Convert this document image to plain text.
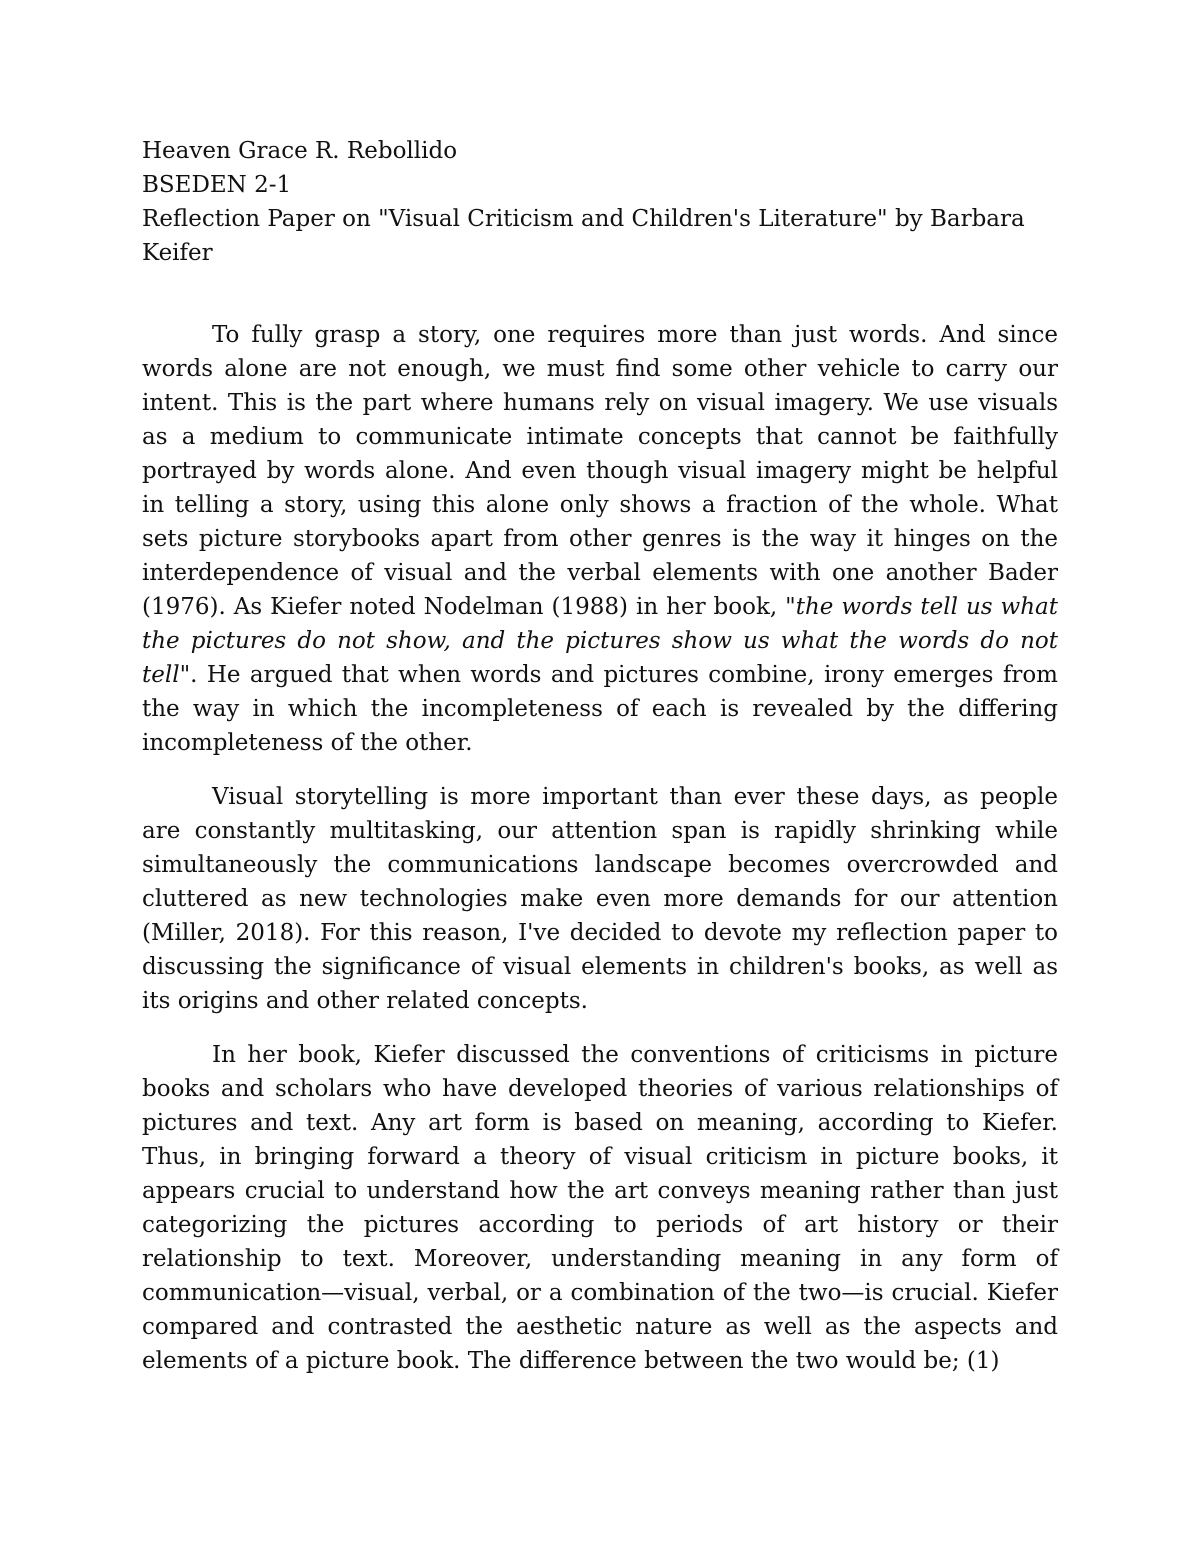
Heaven Grace R. Rebollido

BSEDEN 2-1

Reflection Paper on "Visual Criticism and Children's Literature" by Barbara Keifer

To fully grasp a story, one requires more than just words. And since words alone are not enough, we must find some other vehicle to carry our intent. This is the part where humans rely on visual imagery. We use visuals as a medium to communicate intimate concepts that cannot be faithfully portrayed by words alone. And even though visual imagery might be helpful in telling a story, using this alone only shows a fraction of the whole. What sets picture storybooks apart from other genres is the way it hinges on the interdependence of visual and the verbal elements with one another Bader (1976). As Kiefer noted Nodelman (1988) in her book, "the words tell us what the pictures do not show, and the pictures show us what the words do not tell". He argued that when words and pictures combine, irony emerges from the way in which the incompleteness of each is revealed by the differing incompleteness of the other.

Visual storytelling is more important than ever these days, as people are constantly multitasking, our attention span is rapidly shrinking while simultaneously the communications landscape becomes overcrowded and cluttered as new technologies make even more demands for our attention (Miller, 2018). For this reason, I've decided to devote my reflection paper to discussing the significance of visual elements in children's books, as well as its origins and other related concepts.

In her book, Kiefer discussed the conventions of criticisms in picture books and scholars who have developed theories of various relationships of pictures and text. Any art form is based on meaning, according to Kiefer. Thus, in bringing forward a theory of visual criticism in picture books, it appears crucial to understand how the art conveys meaning rather than just categorizing the pictures according to periods of art history or their relationship to text. Moreover, understanding meaning in any form of communication—visual, verbal, or a combination of the two—is crucial. Kiefer compared and contrasted the aesthetic nature as well as the aspects and elements of a picture book. The difference between the two would be; (1)
